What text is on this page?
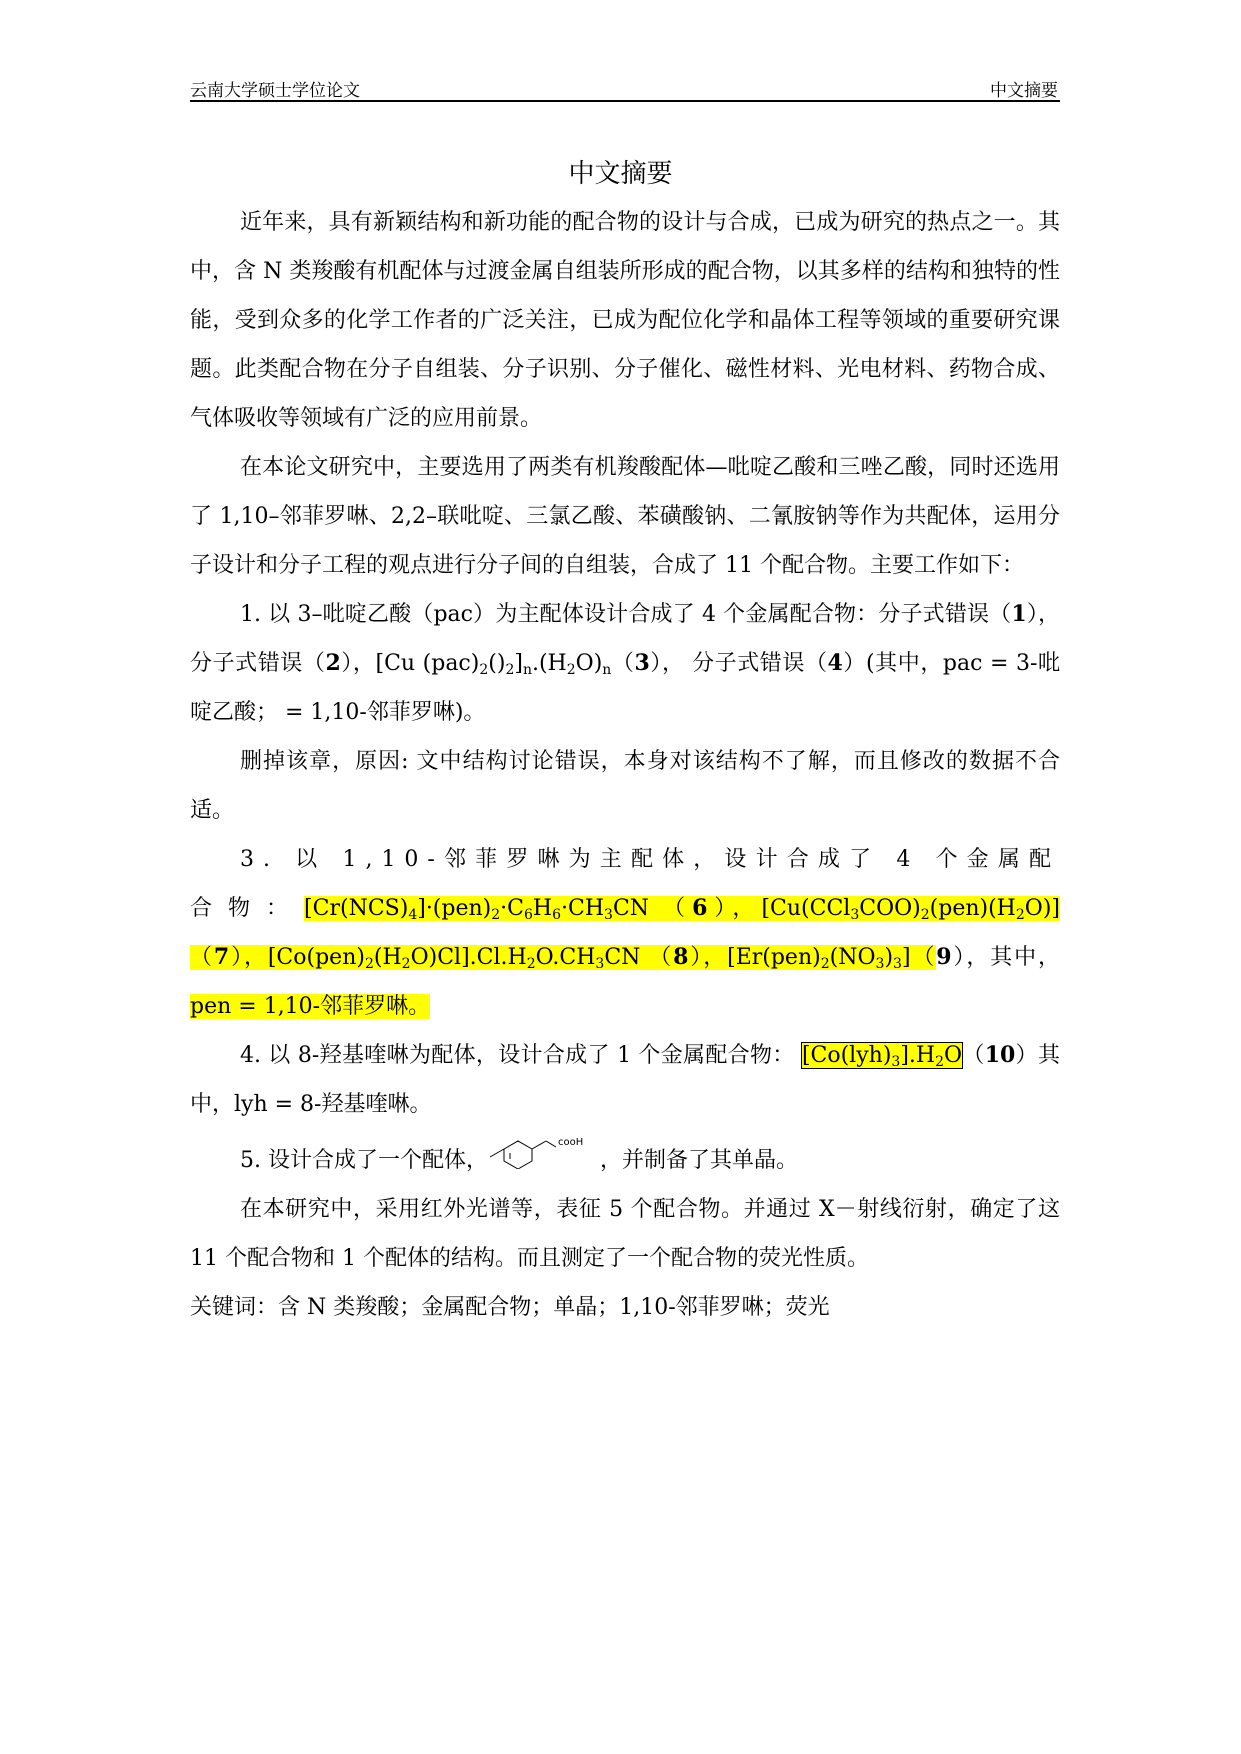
云南大学硕士学位论文	中文摘要
中文摘要

近年来，具有新颖结构和新功能的配合物的设计与合成，已成为研究的热点之一。其中，含 N 类羧酸有机配体与过渡金属自组装所形成的配合物，以其多样的结构和独特的性能，受到众多的化学工作者的广泛关注，已成为配位化学和晶体工程等领域的重要研究课题。此类配合物在分子自组装、分子识别、分子催化、磁性材料、光电材料、药物合成、气体吸收等领域有广泛的应用前景。

在本论文研究中，主要选用了两类有机羧酸配体—吡啶乙酸和三唑乙酸，同时还选用了 1,10–邻菲罗啉、2,2–联吡啶、三氯乙酸、苯磺酸钠、二氰胺钠等作为共配体，运用分子设计和分子工程的观点进行分子间的自组装，合成了 11 个配合物。主要工作如下：

1. 以 3–吡啶乙酸（pac）为主配体设计合成了 4 个金属配合物：分子式错误（1），分子式错误（2），[Cu $(pac)_2()_2]_n.(H_2O)_n(3)$， 分子式错误（4）(其中，pac = 3-吡啶乙酸； = 1,10-邻菲罗啉)。

删掉该章，原因: 文中结构讨论错误，本身对该结构不了解，而且修改的数据不合适。

3. 以 1,10-邻菲罗啉为主配体，设计合成了 4 个金属配合物：$[Cr(NCS)_4]\cdot(pen)_2\cdot C_6H_6\cdot CH_3CN$ （6），$[Cu(CCl_3COO)_2(pen)(H_2O)]$ （7），$[Co(pen)_2(H_2O)Cl].Cl.H_2O.CH_3CN$ （8），$[Er(pen)_2(NO_3)_3](9)$，其中，pen = 1,10-邻菲罗啉。

4. 以 8-羟基喹啉为配体，设计合成了 1 个金属配合物： $[Co(lyh)_3].H_2O(10)$其中，lyh = 8-羟基喹啉。

5. 设计合成了一个配体，
cooH
，并制备了其单晶。

在本研究中，采用红外光谱等，表征 5 个配合物。并通过 X－射线衍射，确定了这 11 个配合物和 1 个配体的结构。而且测定了一个配合物的荧光性质。

关键词：含 N 类羧酸；金属配合物；单晶；1,10-邻菲罗啉；荧光
